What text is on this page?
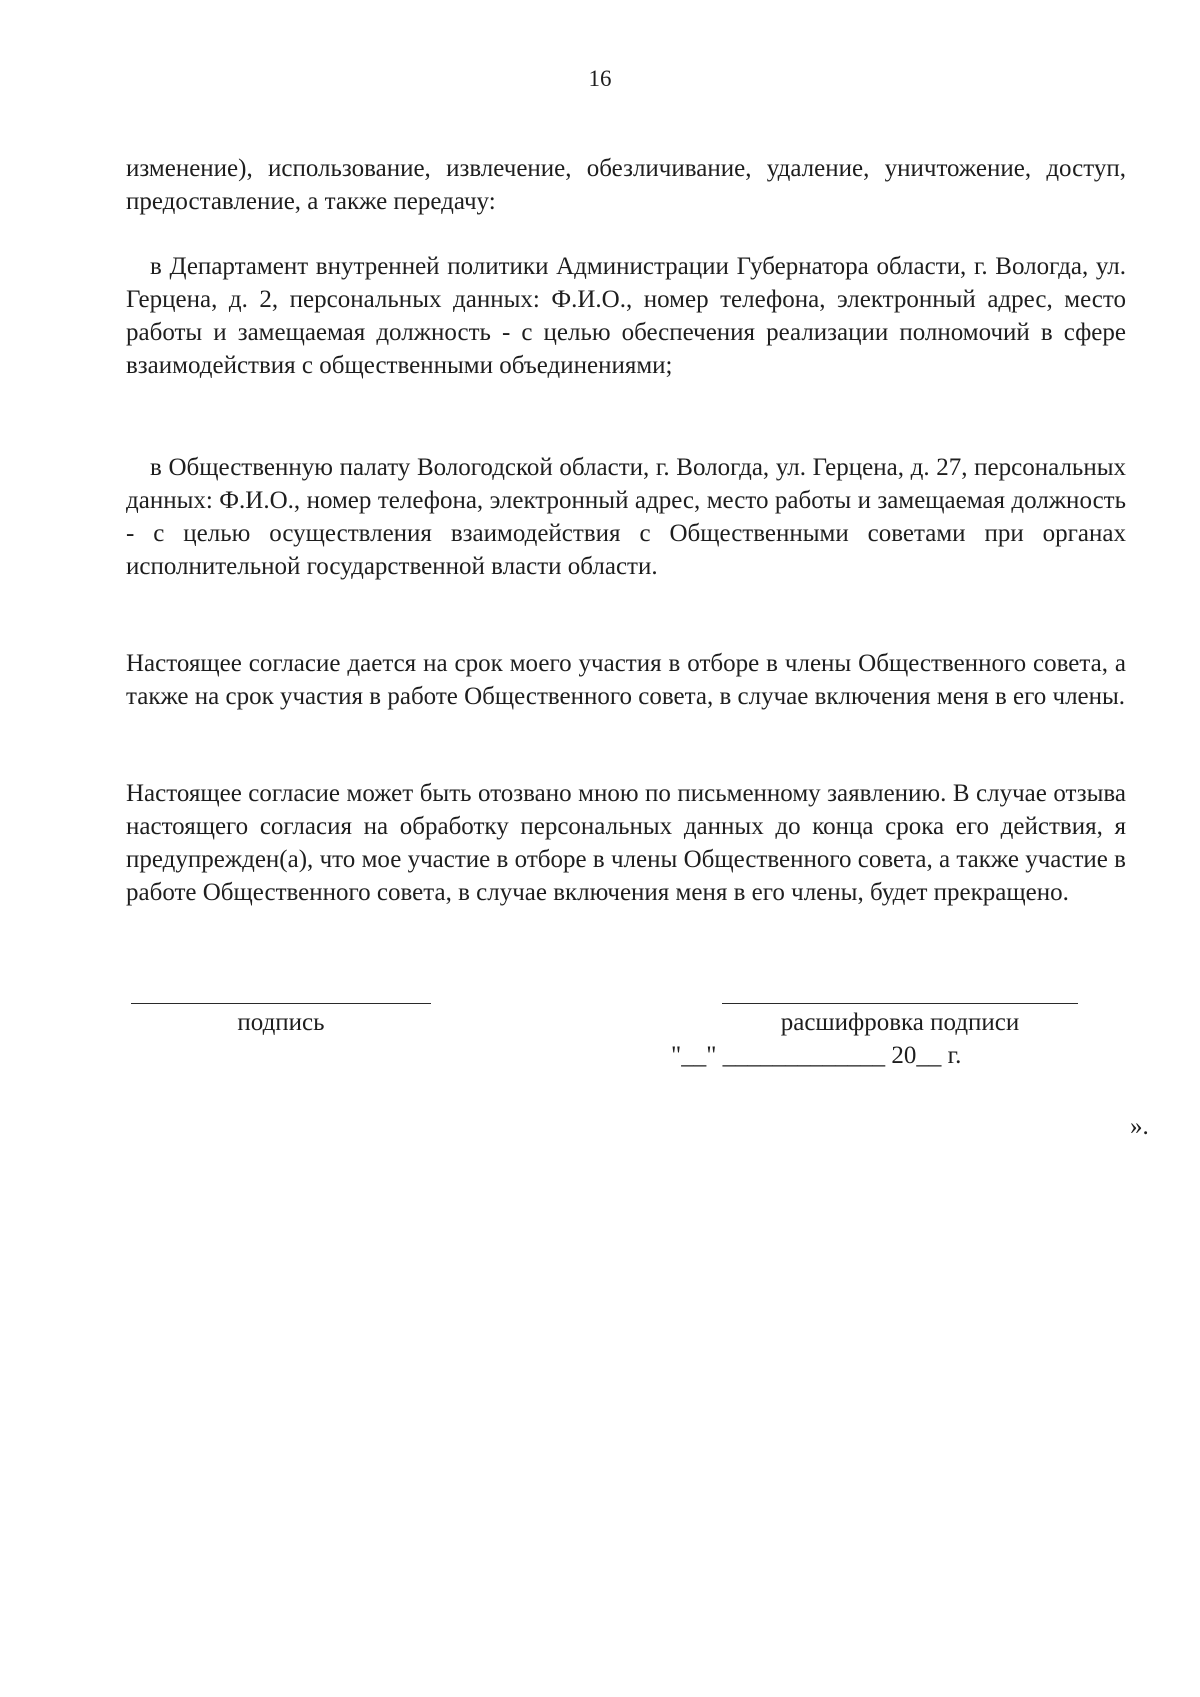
16

изменение), использование, извлечение, обезличивание, удаление, уничтожение, доступ, предоставление, а также передачу:

в Департамент внутренней политики Администрации Губернатора области, г. Вологда, ул. Герцена, д. 2, персональных данных: Ф.И.О., номер телефона, электронный адрес, место работы и замещаемая должность - с целью обеспечения реализации полномочий в сфере взаимодействия с общественными объединениями;

в Общественную палату Вологодской области, г. Вологда, ул. Герцена, д. 27, персональных данных: Ф.И.О., номер телефона, электронный адрес, место работы и замещаемая должность - с целью осуществления взаимодействия с Общественными советами при органах исполнительной государственной власти области.

Настоящее согласие дается на срок моего участия в отборе в члены Общественного совета, а также на срок участия в работе Общественного совета, в случае включения меня в его члены.

Настоящее согласие может быть отозвано мною по письменному заявлению. В случае отзыва настоящего согласия на обработку персональных данных до конца срока его действия, я предупрежден(а), что мое участие в отборе в члены Общественного совета, а также участие в работе Общественного совета, в случае включения меня в его члены, будет прекращено.

подпись	расшифровка подписи
"__" _____________ 20__ г.
».
